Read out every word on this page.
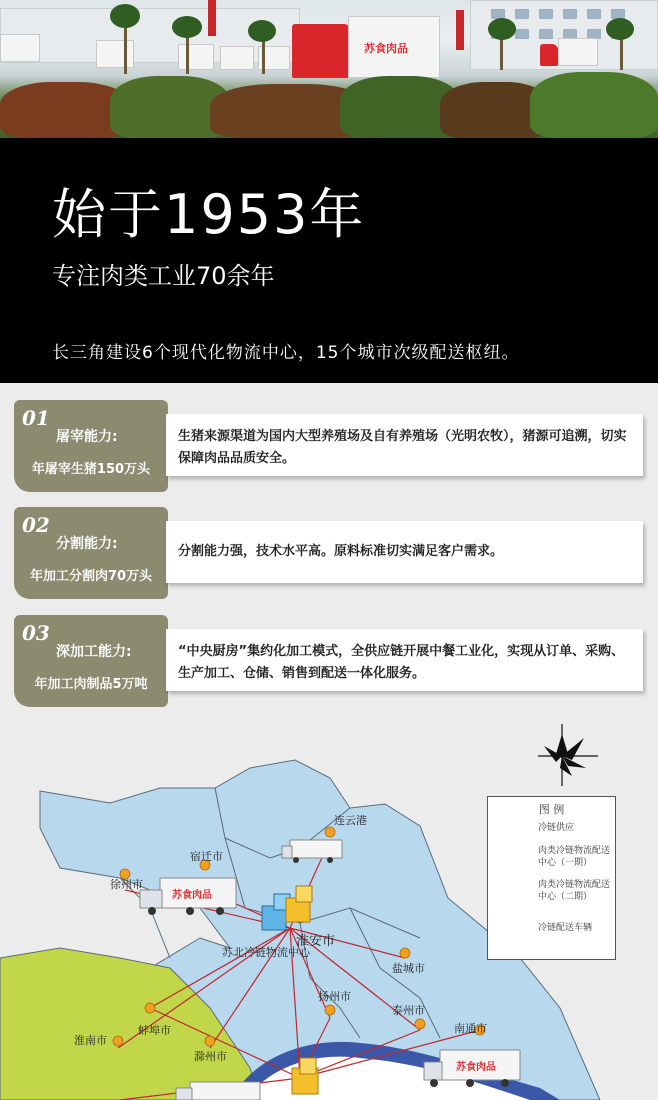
苏食肉品
始于1953年
专注肉类工业70余年
长三角建设6个现代化物流中心，15个城市次级配送枢纽。
01
屠宰能力:
年屠宰生猪150万头
生猪来源渠道为国内大型养殖场及自有养殖场（光明农牧），猪源可追溯，切实保障肉品品质安全。
02
分割能力:
年加工分割肉70万头
分割能力强，技术水平高。原料标准切实满足客户需求。
03
深加工能力:
年加工肉制品5万吨
“中央厨房”集约化加工模式，全供应链开展中餐工业化，实现从订单、采购、生产加工、仓储、销售到配送一体化服务。
苏食肉品
苏食肉品
连云港
宿迁市
徐州市
淮安市
苏北冷链物流中心
盐城市
扬州市
泰州市
南通市
蚌埠市
淮南市
滁州市
图 例
冷链供应
肉类冷链物流配送中心（一期）
肉类冷链物流配送中心（二期）
冷链配送车辆
